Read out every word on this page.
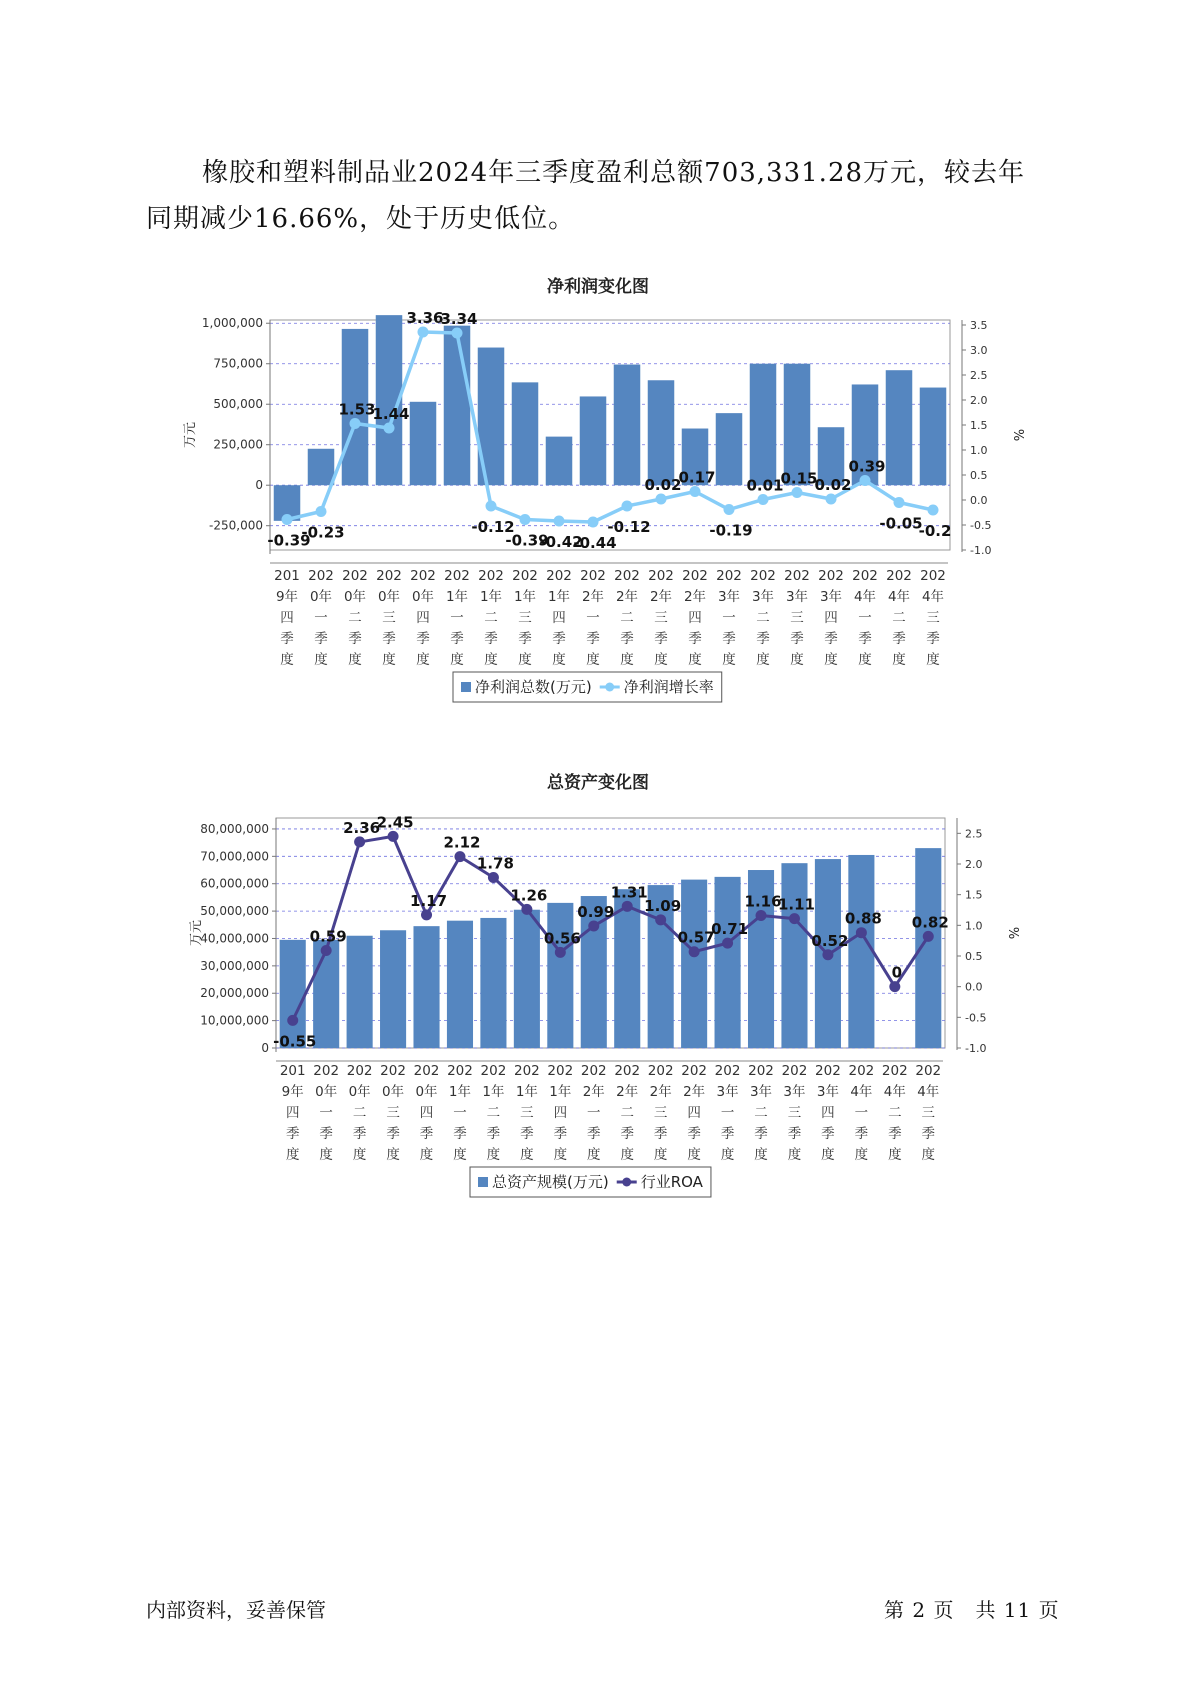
橡胶和塑料制品业2024年三季度盈利总额703,331.28万元，较去年同期减少16.66%，处于历史低位。

净利润变化图
-250,000
0
250,000
500,000
750,000
1,000,000
-1.0
-0.5
0.0
0.5
1.0
1.5
2.0
2.5
3.0
3.5
万元	%
-0.39
-0.23
1.53
1.44
3.36
3.34
-0.12
-0.39
-0.42
-0.44
-0.12
0.02
0.17
-0.19
0.01
0.15
0.02
0.39
-0.05
-0.2
201 9年四季度
202 0年一季度
202 0年二季度
202 0年三季度
202 0年四季度
202 1年一季度
202 1年二季度
202 1年三季度
202 1年四季度
202 2年一季度
202 2年二季度
202 2年三季度
202 2年四季度
202 3年一季度
202 3年二季度
202 3年三季度
202 3年四季度
202 4年一季度
202 4年二季度
202 4年三季度
净利润总数(万元) 净利润增长率
总资产变化图
0
10,000,000
20,000,000
30,000,000
40,000,000
50,000,000
60,000,000
70,000,000
80,000,000
-1.0
-0.5
0.0
0.5
1.0
1.5
2.0
2.5
万元	%
-0.55
0.59
2.36
2.45
1.17
2.12
1.78
1.26
0.56
0.99
1.31
1.09
0.57
0.71
1.16
1.11
0.52
0.88
0
0.82
201 9年四季度
202 0年一季度
202 0年二季度
202 0年三季度
202 0年四季度
202 1年一季度
202 1年二季度
202 1年三季度
202 1年四季度
202 2年一季度
202 2年二季度
202 2年三季度
202 2年四季度
202 3年一季度
202 3年二季度
202 3年三季度
202 3年四季度
202 4年一季度
202 4年二季度
202 4年三季度
总资产规模(万元) 行业ROA
内部资料，妥善保管	第 2 页　共 11 页
